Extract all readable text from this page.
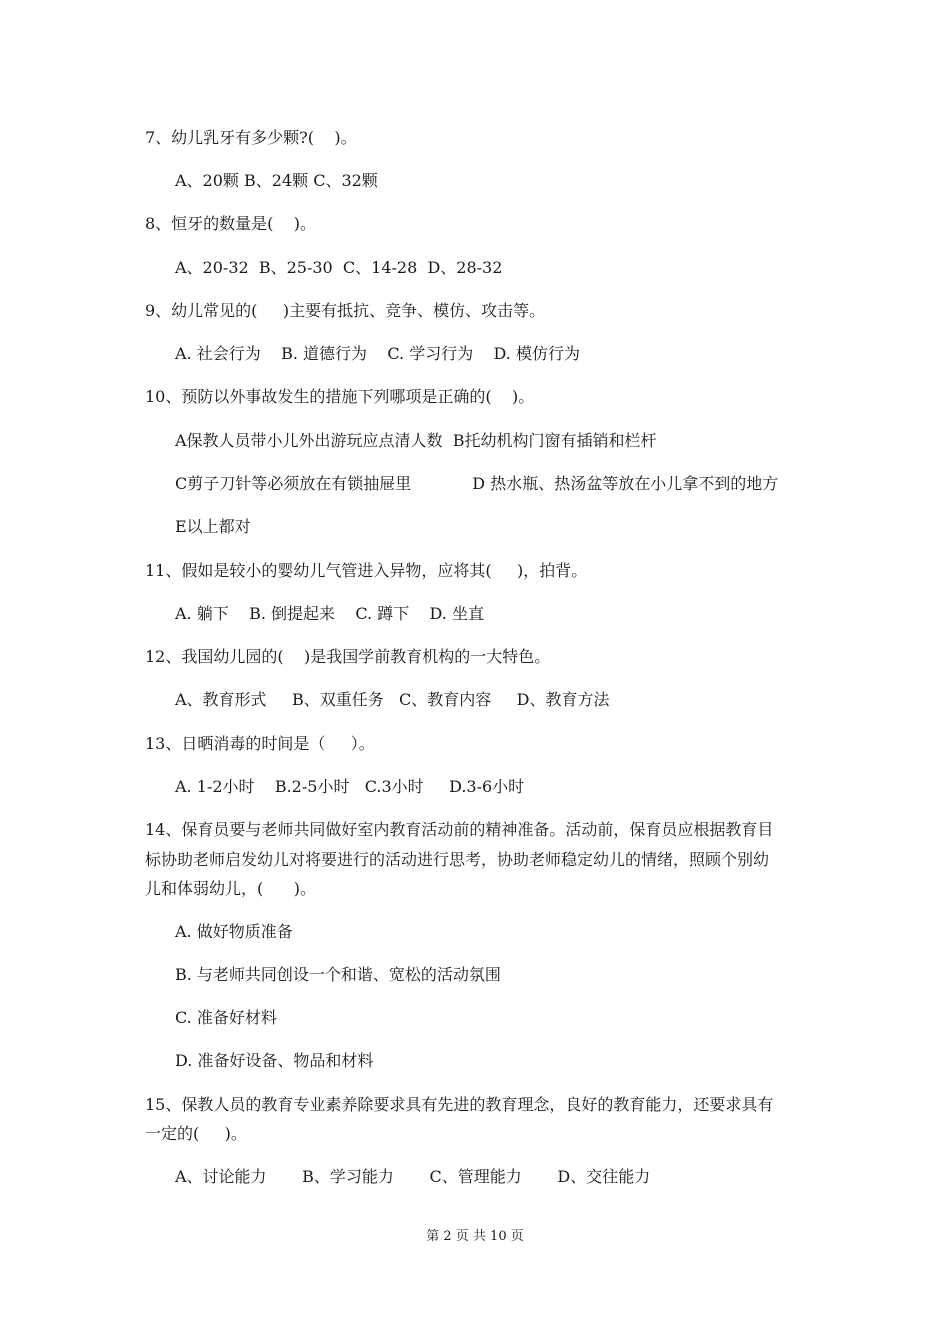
7、幼儿乳牙有多少颗?(    )。
A、20颗 B、24颗 C、32颗
8、恒牙的数量是(    )。
A、20-32  B、25-30  C、14-28  D、28-32
9、幼儿常见的(     )主要有抵抗、竞争、模仿、攻击等。
A. 社会行为    B. 道德行为    C. 学习行为    D. 模仿行为
10、预防以外事故发生的措施下列哪项是正确的(    )。
A保教人员带小儿外出游玩应点清人数  B托幼机构门窗有插销和栏杆
C剪子刀针等必须放在有锁抽屉里            D 热水瓶、热汤盆等放在小儿拿不到的地方
E以上都对
11、假如是较小的婴幼儿气管进入异物，应将其(     )，拍背。
A. 躺下    B. 倒提起来    C. 蹲下    D. 坐直
12、我国幼儿园的(    )是我国学前教育机构的一大特色。
A、教育形式     B、双重任务   C、教育内容     D、教育方法
13、日晒消毒的时间是（     ）。
A. 1-2小时    B.2-5小时   C.3小时     D.3-6小时
14、保育员要与老师共同做好室内教育活动前的精神准备。活动前，保育员应根据教育目
标协助老师启发幼儿对将要进行的活动进行思考，协助老师稳定幼儿的情绪，照顾个别幼
儿和体弱幼儿，(      )。
A. 做好物质准备
B. 与老师共同创设一个和谐、宽松的活动氛围
C. 准备好材料
D. 准备好设备、物品和材料
15、保教人员的教育专业素养除要求具有先进的教育理念，良好的教育能力，还要求具有
一定的(     )。
A、讨论能力       B、学习能力       C、管理能力       D、交往能力
第 2 页 共 10 页
